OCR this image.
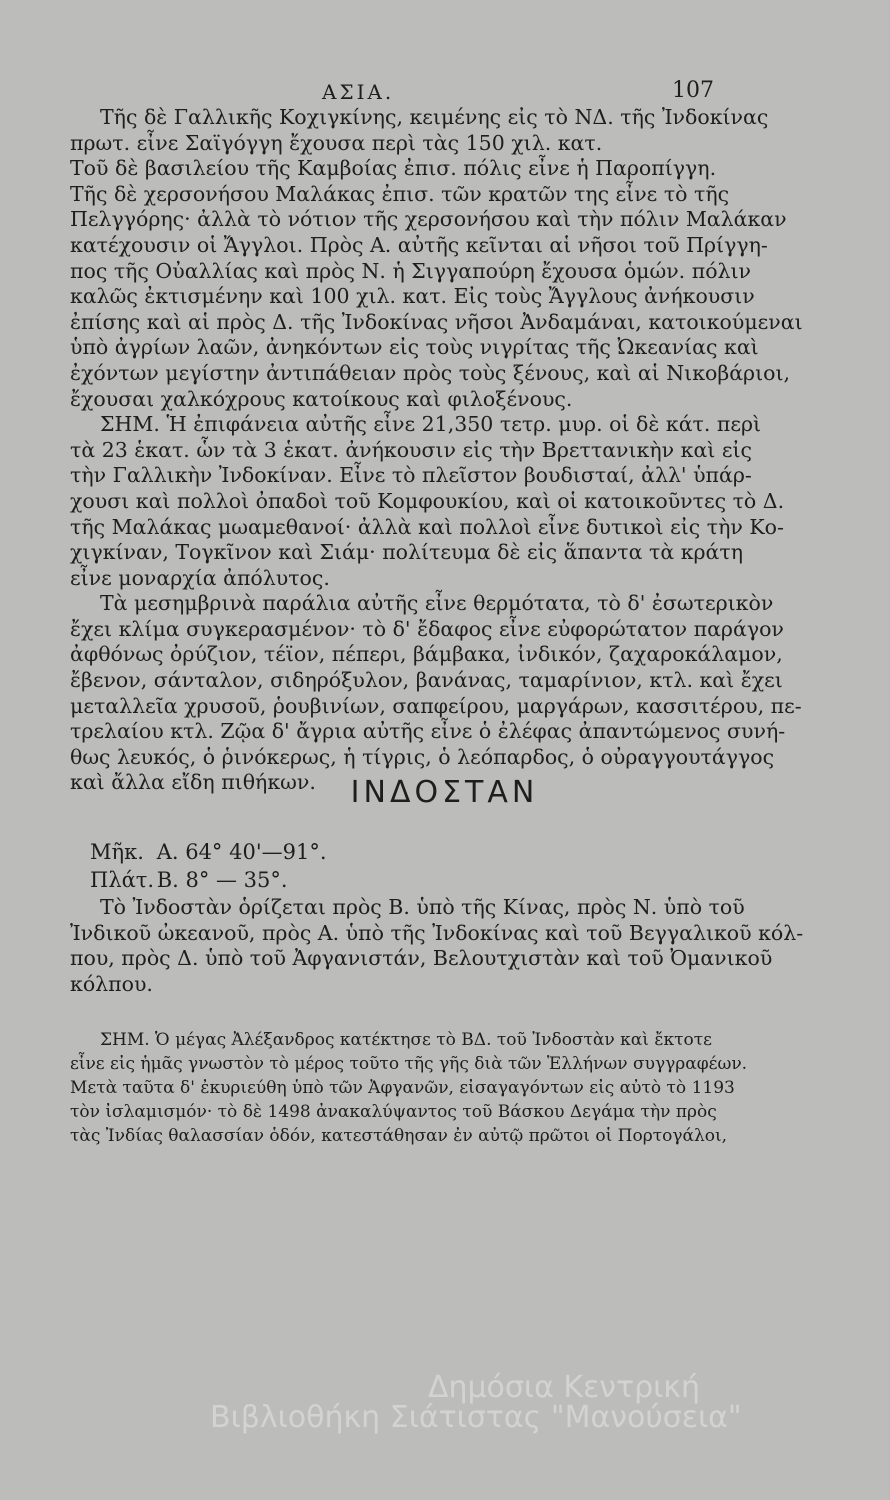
ΑΣΙΑ.	107
Τῆς δὲ Γαλλικῆς Κοχιγκίνης, κειμένης εἰς τὸ ΝΔ. τῆς Ἰνδοκίνας
πρωτ. εἶνε Σαϊγόγγη ἔχουσα περὶ τὰς 150 χιλ. κατ.
Τοῦ δὲ βασιλείου τῆς Καμβοίας ἐπισ. πόλις εἶνε ἡ Παροπίγγη.
Τῆς δὲ χερσονήσου Μαλάκας ἐπισ. τῶν κρατῶν της εἶνε τὸ τῆς
Πελγγόρης· ἀλλὰ τὸ νότιον τῆς χερσονήσου καὶ τὴν πόλιν Μαλάκαν
κατέχουσιν οἱ Ἄγγλοι. Πρὸς Α. αὐτῆς κεῖνται αἱ νῆσοι τοῦ Πρίγγη-
πος τῆς Οὐαλλίας καὶ πρὸς Ν. ἡ Σιγγαπούρη ἔχουσα ὁμών. πόλιν
καλῶς ἐκτισμένην καὶ 100 χιλ. κατ. Εἰς τοὺς Ἄγγλους ἀνήκουσιν
ἐπίσης καὶ αἱ πρὸς Δ. τῆς Ἰνδοκίνας νῆσοι Ἀνδαμάναι, κατοικούμεναι
ὑπὸ ἀγρίων λαῶν, ἀνηκόντων εἰς τοὺς νιγρίτας τῆς Ὠκεανίας καὶ
ἐχόντων μεγίστην ἀντιπάθειαν πρὸς τοὺς ξένους, καὶ αἱ Νικοβάριοι,
ἔχουσαι χαλκόχρους κατοίκους καὶ φιλοξένους.
ΣΗΜ. Ἡ ἐπιφάνεια αὐτῆς εἶνε 21,350 τετρ. μυρ. οἱ δὲ κάτ. περὶ
τὰ 23 ἑκατ. ὧν τὰ 3 ἑκατ. ἀνήκουσιν εἰς τὴν Βρεττανικὴν καὶ εἰς
τὴν Γαλλικὴν Ἰνδοκίναν. Εἶνε τὸ πλεῖστον βουδισταί, ἀλλ' ὑπάρ-
χουσι καὶ πολλοὶ ὀπαδοὶ τοῦ Κομφουκίου, καὶ οἱ κατοικοῦντες τὸ Δ.
τῆς Μαλάκας μωαμεθανοί· ἀλλὰ καὶ πολλοὶ εἶνε δυτικοὶ εἰς τὴν Κο-
χιγκίναν, Τογκῖνον καὶ Σιάμ· πολίτευμα δὲ εἰς ἅπαντα τὰ κράτη
εἶνε μοναρχία ἀπόλυτος.
Τὰ μεσημβρινὰ παράλια αὐτῆς εἶνε θερμότατα, τὸ δ' ἐσωτερικὸν
ἔχει κλίμα συγκερασμένον· τὸ δ' ἔδαφος εἶνε εὐφορώτατον παράγον
ἀφθόνως ὀρύζιον, τέϊον, πέπερι, βάμβακα, ἰνδικόν, ζαχαροκάλαμον,
ἔβενον, σάνταλον, σιδηρόξυλον, βανάνας, ταμαρίνιον, κτλ. καὶ ἔχει
μεταλλεῖα χρυσοῦ, ῥουβινίων, σαπφείρου, μαργάρων, κασσιτέρου, πε-
τρελαίου κτλ. Ζῷα δ' ἄγρια αὐτῆς εἶνε ὁ ἐλέφας ἀπαντώμενος συνή-
θως λευκός, ὁ ῥινόκερως, ἡ τίγρις, ὁ λεόπαρδος, ὁ οὐραγγουτάγγος
καὶ ἄλλα εἴδη πιθήκων.	ΙΝΔΟΣΤΑΝ
Μῆκ. Α. 64° 40'—91°.
Πλάτ. Β. 8° — 35°.
Τὸ Ἰνδοστὰν ὁρίζεται πρὸς Β. ὑπὸ τῆς Κίνας, πρὸς Ν. ὑπὸ τοῦ
Ἰνδικοῦ ὠκεανοῦ, πρὸς Α. ὑπὸ τῆς Ἰνδοκίνας καὶ τοῦ Βεγγαλικοῦ κόλ-
που, πρὸς Δ. ὑπὸ τοῦ Ἀφγανιστάν, Βελουτχιστὰν καὶ τοῦ Ὀμανικοῦ
κόλπου.
ΣΗΜ. Ὁ μέγας Ἀλέξανδρος κατέκτησε τὸ ΒΔ. τοῦ Ἰνδοστὰν καὶ ἔκτοτε
εἶνε εἰς ἡμᾶς γνωστὸν τὸ μέρος τοῦτο τῆς γῆς διὰ τῶν Ἑλλήνων συγγραφέων.
Μετὰ ταῦτα δ' ἐκυριεύθη ὑπὸ τῶν Ἀφγανῶν, εἰσαγαγόντων εἰς αὐτὸ τὸ 1193
τὸν ἰσλαμισμόν· τὸ δὲ 1498 ἀνακαλύψαντος τοῦ Βάσκου Δεγάμα τὴν πρὸς
τὰς Ἰνδίας θαλασσίαν ὁδόν, κατεστάθησαν ἐν αὐτῷ πρῶτοι οἱ Πορτογάλοι,
Δημόσια Κεντρική
Βιβλιοθήκη Σιάτιστας "Μανούσεια"
